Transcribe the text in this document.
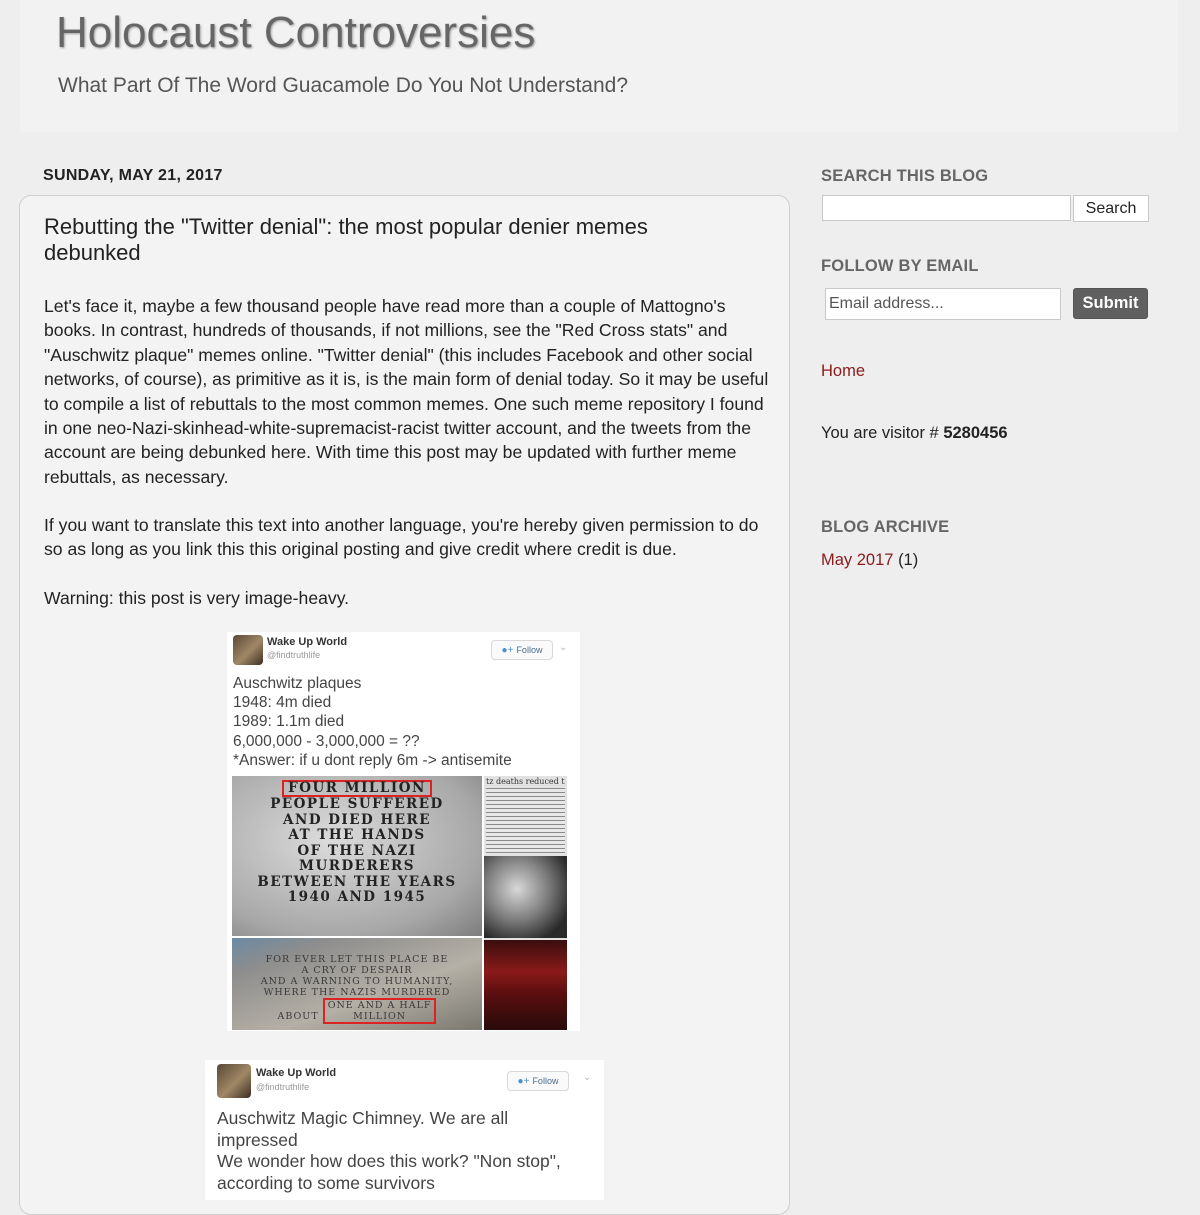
Holocaust Controversies

What Part Of The Word Guacamole Do You Not Understand?

SUNDAY, MAY 21, 2017
Rebutting the "Twitter denial": the most popular denier memes debunked

Let's face it, maybe a few thousand people have read more than a couple of Mattogno's books. In contrast, hundreds of thousands, if not millions, see the "Red Cross stats" and "Auschwitz plaque" memes online. "Twitter denial" (this includes Facebook and other social networks, of course), as primitive as it is, is the main form of denial today. So it may be useful to compile a list of rebuttals to the most common memes. One such meme repository I found in one neo-Nazi-skinhead-white-supremacist-racist twitter account, and the tweets from the account are being debunked here. With time this post may be updated with further meme rebuttals, as necessary.

If you want to translate this text into another language, you're hereby given permission to do so as long as you link this this original posting and give credit where credit is due.

Warning: this post is very image-heavy.

Wake Up World
@findtruthlife	●+ Follow ⌄
Auschwitz plaques
1948: 4m died
1989: 1.1m died
6,000,000 - 3,000,000 = ??
*Answer: if u dont reply 6m -> antisemite
FOUR MILLION
PEOPLE SUFFERED
AND DIED HERE
AT THE HANDS
OF THE NAZI
MURDERERS
BETWEEN THE YEARS
1940 AND 1945
FOR EVER LET THIS PLACE BE
A CRY OF DESPAIR
AND A WARNING TO HUMANITY,
WHERE THE NAZIS MURDERED
ABOUT ONE AND A HALF
MILLION
tz deaths reduced t
Wake Up World
@findtruthlife
●+ Follow ⌄
Auschwitz Magic Chimney. We are all
impressed
We wonder how does this work? "Non stop",
according to some survivors
SEARCH THIS BLOG
Search
FOLLOW BY EMAIL
Email address...
Submit
Home
You are visitor # 5280456
BLOG ARCHIVE
May 2017 (1)
